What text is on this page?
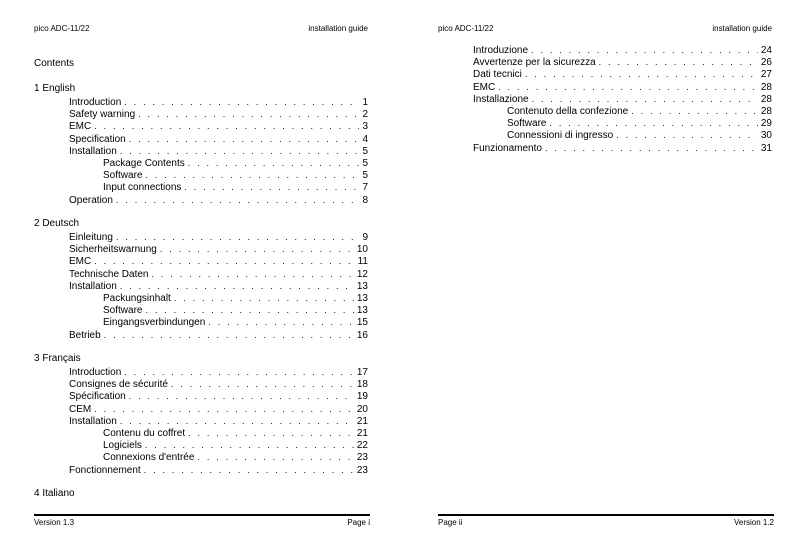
pico ADC-11/22	installation guide
Contents
1 English
Introduction . . .	1
Safety warning . . .	2
EMC . . .	3
Specification . . .	4
Installation . . .	5
Package Contents . . .	5
Software . . .	5
Input connections . . .	7
Operation . . .	8
2 Deutsch
Einleitung . . .	9
Sicherheitswarnung . . .	10
EMC . . .	11
Technische Daten . . .	12
Installation . . .	13
Packungsinhalt . . .	13
Software . . .	13
Eingangsverbindungen . . .	15
Betrieb . . .	16
3 Français
Introduction . . .	17
Consignes de sécurité . . .	18
Spécification . . .	19
CEM . . .	20
Installation . . .	21
Contenu du coffret . . .	21
Logiciels . . .	22
Connexions d'entrée . . .	23
Fonctionnement . . .	23
4 Italiano
Version 1.3	Page i
pico ADC-11/22	installation guide
Introduzione . . .	24
Avvertenze per la sicurezza . . .	26
Dati tecnici . . .	27
EMC . . .	28
Installazione . . .	28
Contenuto della confezione . . .	28
Software . . .	29
Connessioni di ingresso . . .	30
Funzionamento . . .	31
Page ii	Version 1.2
